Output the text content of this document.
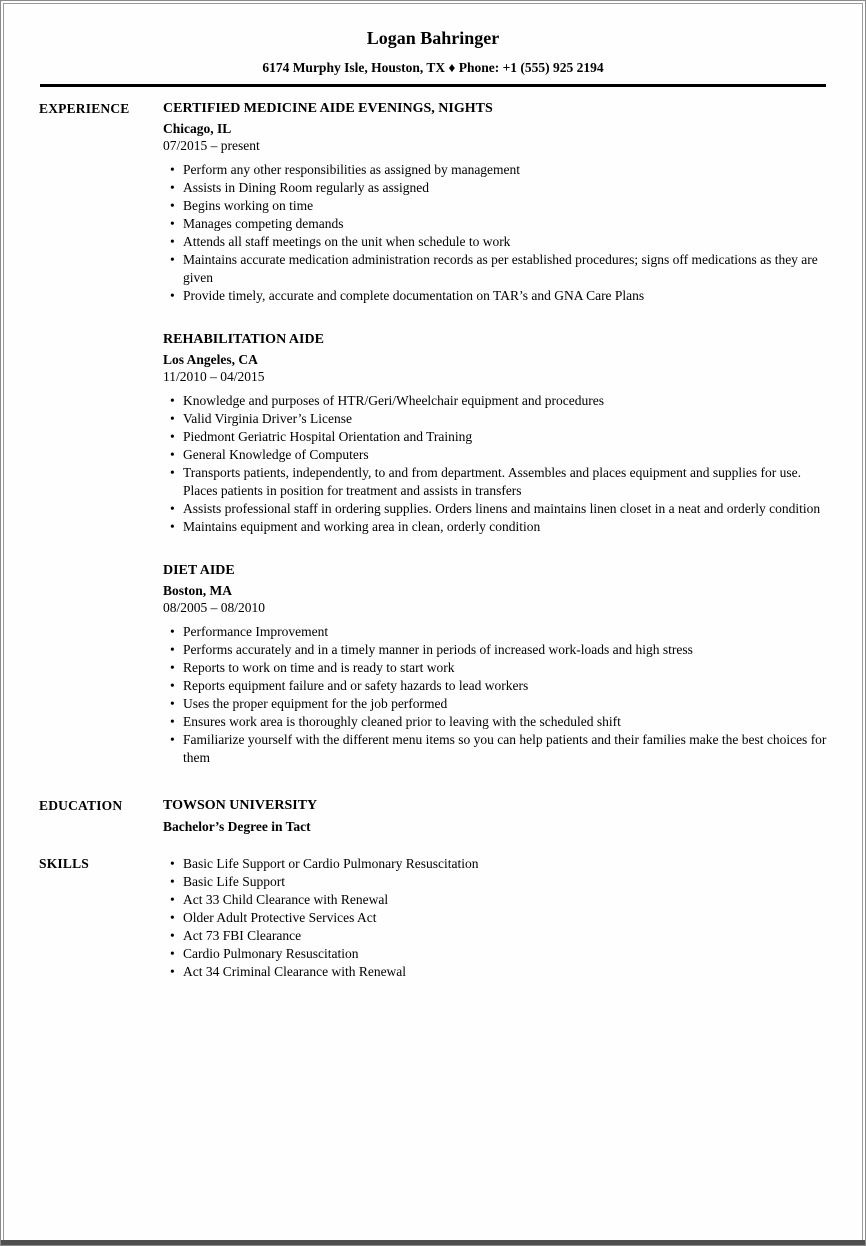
Logan Bahringer
6174 Murphy Isle, Houston, TX ♦ Phone: +1 (555) 925 2194
EXPERIENCE	CERTIFIED MEDICINE AIDE EVENINGS, NIGHTS
Chicago, IL
07/2015 – present
• Perform any other responsibilities as assigned by management
• Assists in Dining Room regularly as assigned
• Begins working on time
• Manages competing demands
• Attends all staff meetings on the unit when schedule to work
• Maintains accurate medication administration records as per established procedures; signs off medications as they are given
• Provide timely, accurate and complete documentation on TAR’s and GNA Care Plans
REHABILITATION AIDE
Los Angeles, CA
11/2010 – 04/2015
• Knowledge and purposes of HTR/Geri/Wheelchair equipment and procedures
• Valid Virginia Driver’s License
• Piedmont Geriatric Hospital Orientation and Training
• General Knowledge of Computers
• Transports patients, independently, to and from department. Assembles and places equipment and supplies for use. Places patients in position for treatment and assists in transfers
• Assists professional staff in ordering supplies. Orders linens and maintains linen closet in a neat and orderly condition
• Maintains equipment and working area in clean, orderly condition
DIET AIDE
Boston, MA
08/2005 – 08/2010
• Performance Improvement
• Performs accurately and in a timely manner in periods of increased work-loads and high stress
• Reports to work on time and is ready to start work
• Reports equipment failure and or safety hazards to lead workers
• Uses the proper equipment for the job performed
• Ensures work area is thoroughly cleaned prior to leaving with the scheduled shift
• Familiarize yourself with the different menu items so you can help patients and their families make the best choices for them
EDUCATION	TOWSON UNIVERSITY
Bachelor’s Degree in Tact
SKILLS	• Basic Life Support or Cardio Pulmonary Resuscitation
• Basic Life Support
• Act 33 Child Clearance with Renewal
• Older Adult Protective Services Act
• Act 73 FBI Clearance
• Cardio Pulmonary Resuscitation
• Act 34 Criminal Clearance with Renewal
